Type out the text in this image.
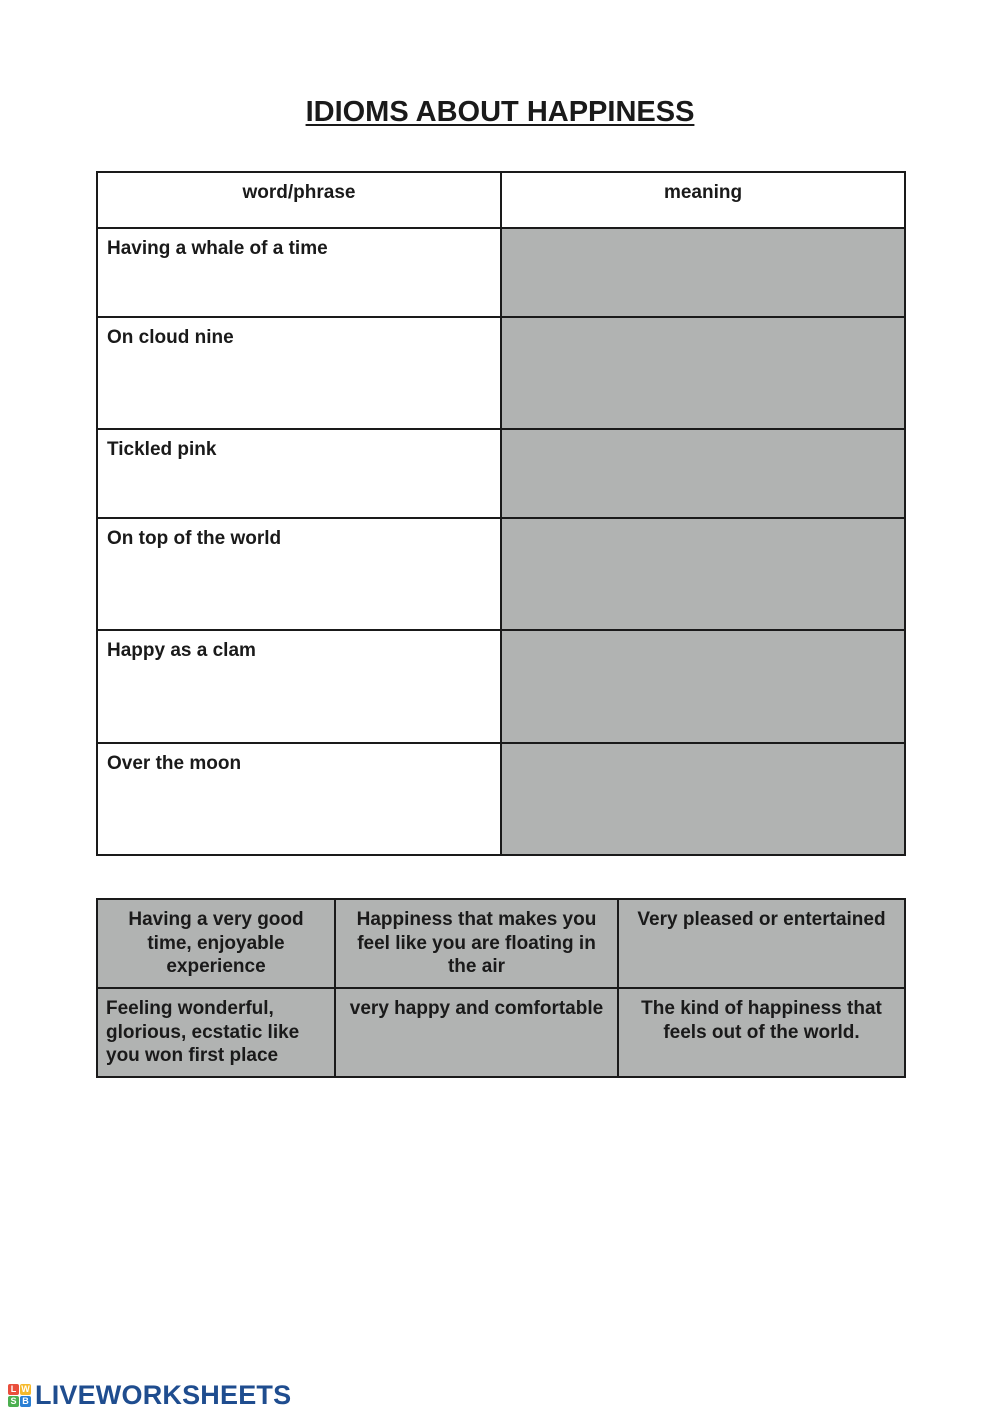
IDIOMS ABOUT HAPPINESS
word/phrase	meaning
Having a whale of a time	
On cloud nine	
Tickled pink	
On top of the world	
Happy as a clam	
Over the moon	
Having a very good time, enjoyable experience	Happiness that makes you feel like you are floating in the air	Very pleased or entertained
Feeling wonderful, glorious, ecstatic like you won first place	very happy and comfortable	The kind of happiness that feels out of the world.
L W
S B LIVEWORKSHEETS
